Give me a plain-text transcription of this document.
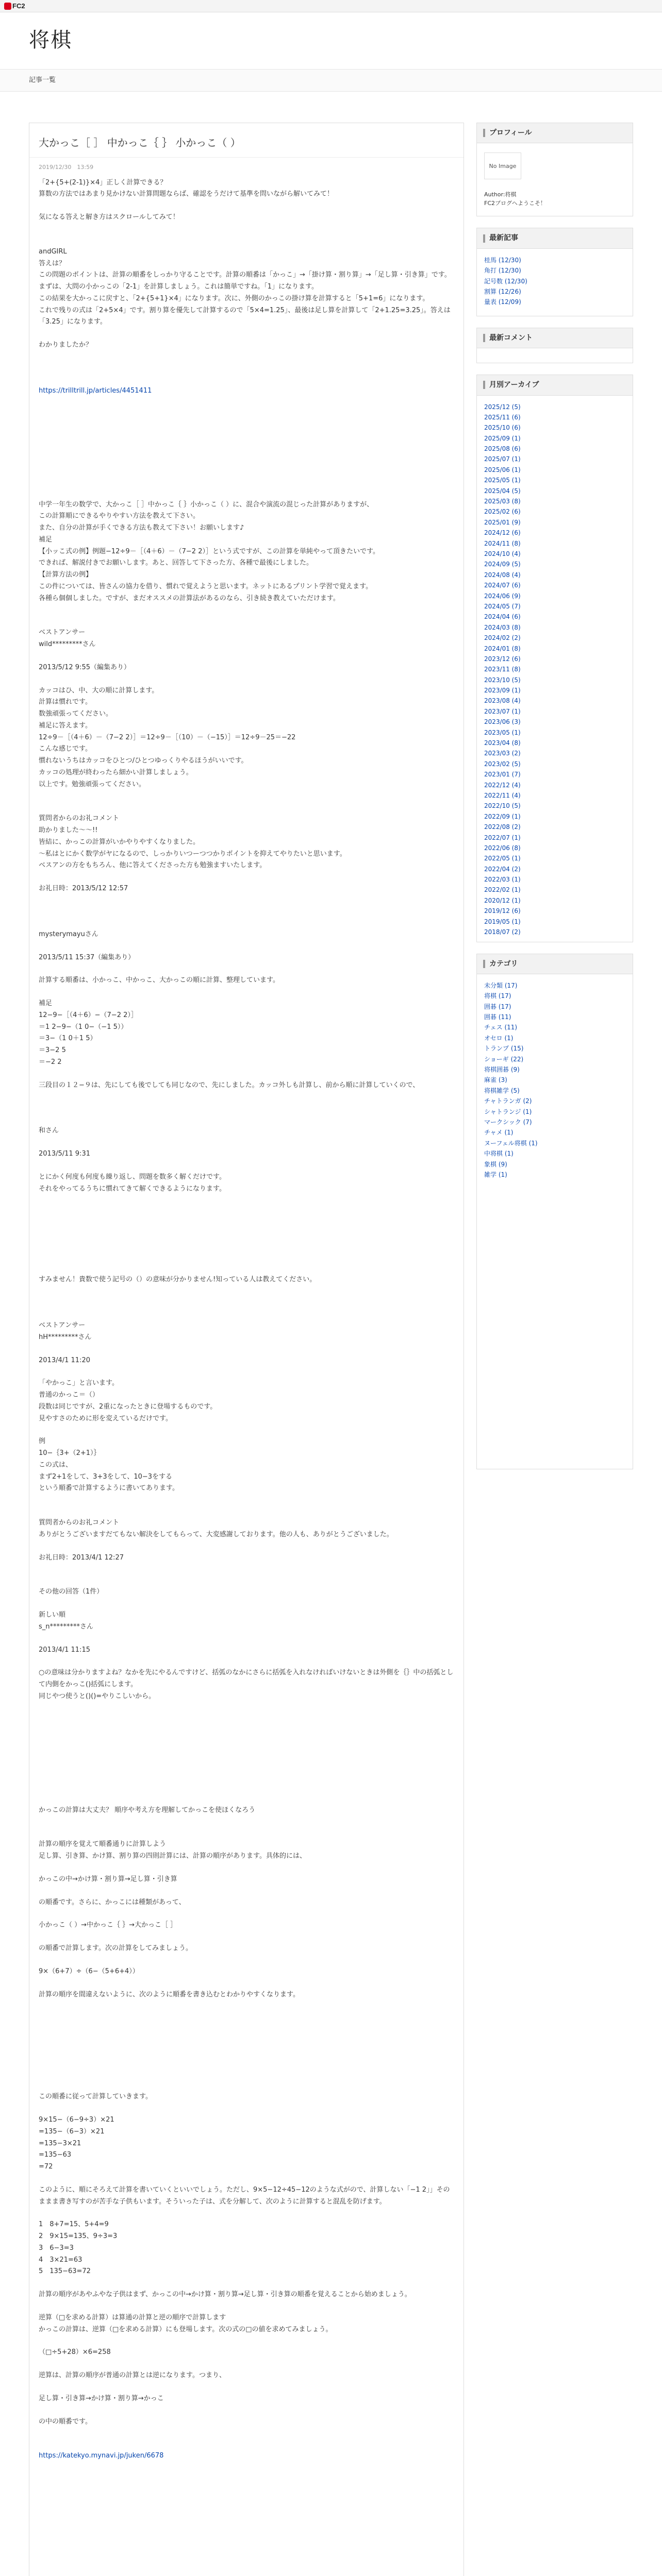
FC2
将棋
記事一覧
大かっこ［ ］ 中かっこ｛ ｝ 小かっこ（ ）
2019/12/30　13:59

「2+{5+(2-1)}×4」正しく計算できる？

算数の方法ではあまり見かけない計算問題ならば、確認をうだけて基準を問いながら解いてみて！

気になる答えと解き方はスクロールしてみて！

andGIRL

答えは？

この問題のポイントは、計算の順番をしっかり守ることです。計算の順番は「かっこ」→「掛け算・割り算」→「足し算・引き算」です。

まずは、大問の小かっこの「2-1」を計算しましょう。これは簡単ですね。「1」になります。

この結果を大かっこに戻すと、「2+{5+1}×4」になります。次に、外側のかっこの掛け算を計算すると「5+1=6」になります。

これで残りの式は「2+5×4」です。割り算を優先して計算するので「5×4=1.25」、最後は足し算を計算して「2+1.25=3.25」。答えは「3.25」になります。

わかりましたか？

https://trilltrill.jp/articles/4451411

中学一年生の数学で、大かっこ［ ］中かっこ｛ ｝小かっこ（ ）に、混合や演流の混じった計算がありますが、

この計算順にできるやりやすい方法を教えて下さい。

また、自分の計算が手くできる方法も教えて下さい！お願いします♪

補足

【小ッこ式の例】例題−12÷9－［（4＋6）－（7−2 2）］という式ですが、この計算を単純やって頂きたいです。

できれば、解説付きでお願いします。あと、回答して下さった方、各種で最後にしました。

【計算方法の例】

この件については、皆さんの協力を借り、慣れで覚えようと思います。ネットにあるプリント学習で覚えます。

各種ら個個しました。ですが、まだオススメの計算法があるのなら、引き続き教えていただけます。

ベストアンサー

wild*********さん

2013/5/12 9:55（編集あり）

カッコはひ、中、大の順に計算します。

計算は慣れです。

数強頑張ってください。

補足に答えます。

12÷9－［（4＋6）－（7−2 2）］＝12÷9－［（10）－（−15）］＝12÷9－25＝−22

こんな感じです。

慣れないうちはカッコをひとつ/ひとつゆっくりやるほうがいいです。

カッコの処理が終わったら細かい計算しましょう。

以上です。勉強頑張ってください。

質問者からのお礼コメント

助かりました〜〜!!

皆結に、かっこの計算がいかやりやすくなりました。

〜私はとにかく数学がヤになるので、しっかりいつーつつかりポイントを抑えてやりたいと思います。

ベスアンの方をもちろん、他に答えてくださった方も勉強ますいたします。

お礼日時：2013/5/12 12:57

mysterymayuさん

2013/5/11 15:37（編集あり）

計算する順番は、小かっこ、中かっこ、大かっこの順に計算、整理しています。

補足

12−9−［（4＋6）−（7−2 2）］

＝1 2−9−（1 0−（−1 5））

＝3−（1 0＋1 5）

＝3−2 5

＝−2 2

三段目の１２−９は、先にしても後でしても同じなので、先にしました。カッコ外しも計算し、前から順に計算していくので、

和さん

2013/5/11 9:31

とにかく何度も何度も繰り返し、問題を数多く解くだけです。

それをやってるうちに慣れてきて解くできるようになります。

すみません！貴数で使う記号の（）の意味が分かりません!知っている人は教えてください。

ベストアンサー

hH*********さん

2013/4/1 11:20

「やかっこ」と言います。

普通のかっこ＝（）

段数は同じですが、2重になったときに登場するものです。

見やすさのために形を変えているだけです。

例

10−｛3+（2+1）｝

この式は、

まず2+1をして、3+3をして、10−3をする

という順番で計算するように書いてあります。

質問者からのお礼コメント

ありがとうございますだてもない解決をしてもらって、大変感謝しております。他の人も、ありがとうございました。

お礼日時：2013/4/1 12:27

その他の回答（1件）

新しい順

s_n*********さん

2013/4/1 11:15

○の意味は分かりますよね？なかを先にやるんですけど、括弧のなかにさらに括弧を入れなければいけないときは外側を｛｝中の括弧として内側をかっこ()括弧にします。

同じやつ使うと()()=やりこしいから。

かっこの計算は大丈夫？ 順序や考え方を理解してかっこを使ほくなろう

計算の順序を覚えて順番通りに計算しよう

足し算、引き算、かけ算、割り算の四則計算には、計算の順序があります。具体的には、

かっこの中→かけ算・割り算→足し算・引き算

の順番です。さらに、かっこには種類があって、

小かっこ（ ）→中かっこ｛ ｝→大かっこ［ ］

の順番で計算します。次の計算をしてみましょう。

9×（6+7）÷（6−（5+6+4））

計算の順序を間違えないように、次のように順番を書き込むとわかりやすくなります。

この順番に従って計算していきます。

9×15−（6−9÷3）×21

=135−（6−3）×21

=135−3×21

=135−63

=72

このように、順にそろえて計算を書いていくといいでしょう。ただし、9×5−12÷45−12のような式がので、計算しない「−1 2」」そのままま書き写すのが苦手な子供もいます。そういった子は、式を分解して、次のように計算すると混乱を防げます。

1　8+7=15、5+4=9

2　9×15=135、9÷3=3

3　6−3=3

4　3×21=63

5　135−63=72

計算の順序があやふやな子供はまず、かっこの中→かけ算・割り算→足し算・引き算の順番を覚えることから始めましょう。

逆算（□を求める計算）は算通の計算と逆の順序で計算します

かっこの計算は、逆算（□を求める計算）にも登場します。次の式の□の値を求めてみましょう。

（□÷5+28）×6=258

逆算は、計算の順序が普通の計算とは逆になります。つまり、

足し算・引き算→かけ算・割り算→かっこ

の中の順番です。

https://katekyo.mynavi.jp/juken/6678

プロフィール
No Image
Author:将棋
FC2ブログへようこそ！
最新記事
桂馬 (12/30)
角打 (12/30)
記号数 (12/30)
割算 (12/26)
量表 (12/09)
最新コメント
月別アーカイブ
2025/12 (5)
2025/11 (6)
2025/10 (6)
2025/09 (1)
2025/08 (6)
2025/07 (1)
2025/06 (1)
2025/05 (1)
2025/04 (5)
2025/03 (8)
2025/02 (6)
2025/01 (9)
2024/12 (6)
2024/11 (8)
2024/10 (4)
2024/09 (5)
2024/08 (4)
2024/07 (6)
2024/06 (9)
2024/05 (7)
2024/04 (6)
2024/03 (8)
2024/02 (2)
2024/01 (8)
2023/12 (6)
2023/11 (8)
2023/10 (5)
2023/09 (1)
2023/08 (4)
2023/07 (1)
2023/06 (3)
2023/05 (1)
2023/04 (8)
2023/03 (2)
2023/02 (5)
2023/01 (7)
2022/12 (4)
2022/11 (4)
2022/10 (5)
2022/09 (1)
2022/08 (2)
2022/07 (1)
2022/06 (8)
2022/05 (1)
2022/04 (2)
2022/03 (1)
2022/02 (1)
2020/12 (1)
2019/12 (6)
2019/05 (1)
2018/07 (2)
カテゴリ
未分類 (17)
将棋 (17)
囲碁 (17)
囲碁 (11)
チェス (11)
オセロ (1)
トランプ (15)
ショーギ (22)
将棋囲碁 (9)
麻雀 (3)
将棋雑学 (5)
チャトランガ (2)
シャトランジ (1)
マークシック (7)
チャメ (1)
ヌーフェル将棋 (1)
中将棋 (1)
象棋 (9)
雑学 (1)
